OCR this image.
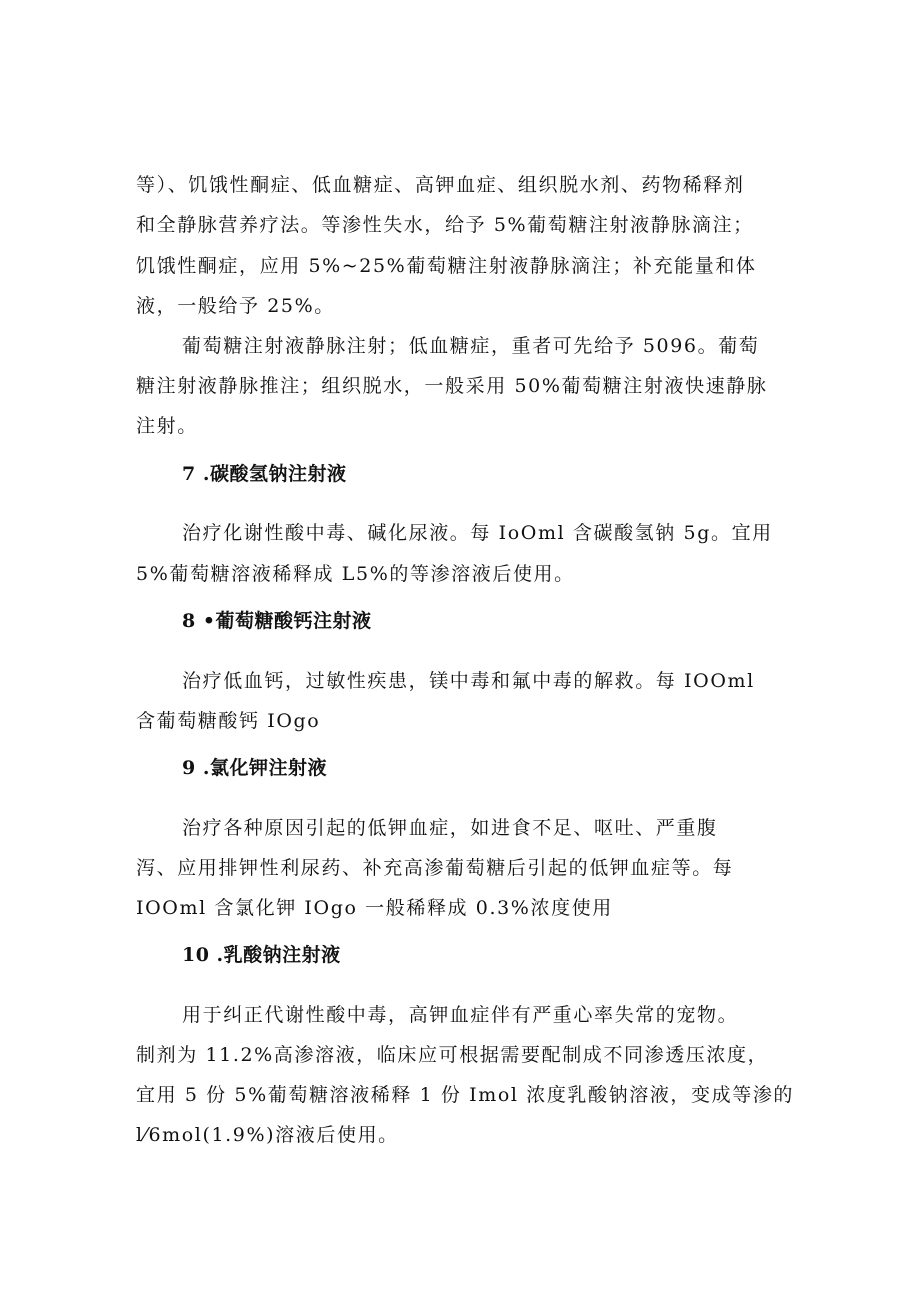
等）、饥饿性酮症、低血糖症、高钾血症、组织脱水剂、药物稀释剂
和全静脉营养疗法。等渗性失水，给予 5%葡萄糖注射液静脉滴注；
饥饿性酮症，应用 5%~25%葡萄糖注射液静脉滴注；补充能量和体
液，一般给予 25%。
葡萄糖注射液静脉注射；低血糖症，重者可先给予 5096。葡萄
糖注射液静脉推注；组织脱水，一般采用 50%葡萄糖注射液快速静脉
注射。
7 .碳酸氢钠注射液
治疗化谢性酸中毒、碱化尿液。每 IoOml 含碳酸氢钠 5g。宜用
5%葡萄糖溶液稀释成 L5%的等渗溶液后使用。
8 •葡萄糖酸钙注射液
治疗低血钙，过敏性疾患，镁中毒和氟中毒的解救。每 IOOml
含葡萄糖酸钙 IOgo
9 .氯化钾注射液
治疗各种原因引起的低钾血症，如进食不足、呕吐、严重腹
泻、应用排钾性利尿药、补充高渗葡萄糖后引起的低钾血症等。每
IOOml 含氯化钾 IOgo 一般稀释成 0.3%浓度使用
10 .乳酸钠注射液
用于纠正代谢性酸中毒，高钾血症伴有严重心率失常的宠物。
制剂为 11.2%高渗溶液，临床应可根据需要配制成不同渗透压浓度，
宜用 5 份 5%葡萄糖溶液稀释 1 份 Imol 浓度乳酸钠溶液，变成等渗的
l⁄6mol(1.9%)溶液后使用。
